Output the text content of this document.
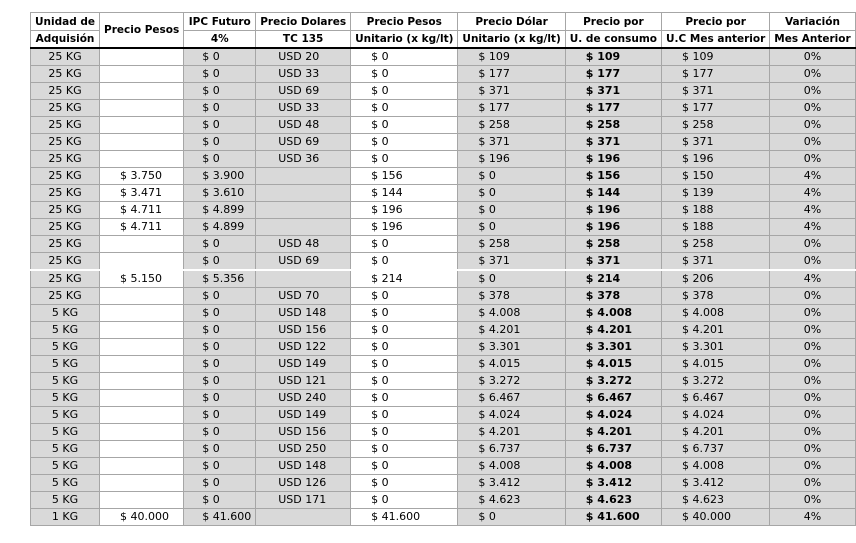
Unidad de	Precio Pesos	IPC Futuro	Precio Dolares	Precio Pesos	Precio Dólar	Precio por	Precio por	Variación
Adquisión		4%	TC 135	Unitario (x kg/lt)	Unitario (x kg/lt)	U. de consumo	U.C Mes anterior	Mes Anterior
25 KG		$ 0	USD 20	$ 0	$ 109	$ 109	$ 109	0%
25 KG		$ 0	USD 33	$ 0	$ 177	$ 177	$ 177	0%
25 KG		$ 0	USD 69	$ 0	$ 371	$ 371	$ 371	0%
25 KG		$ 0	USD 33	$ 0	$ 177	$ 177	$ 177	0%
25 KG		$ 0	USD 48	$ 0	$ 258	$ 258	$ 258	0%
25 KG		$ 0	USD 69	$ 0	$ 371	$ 371	$ 371	0%
25 KG		$ 0	USD 36	$ 0	$ 196	$ 196	$ 196	0%
25 KG	$ 3.750	$ 3.900		$ 156	$ 0	$ 156	$ 150	4%
25 KG	$ 3.471	$ 3.610		$ 144	$ 0	$ 144	$ 139	4%
25 KG	$ 4.711	$ 4.899		$ 196	$ 0	$ 196	$ 188	4%
25 KG	$ 4.711	$ 4.899		$ 196	$ 0	$ 196	$ 188	4%
25 KG		$ 0	USD 48	$ 0	$ 258	$ 258	$ 258	0%
25 KG		$ 0	USD 69	$ 0	$ 371	$ 371	$ 371	0%
25 KG	$ 5.150	$ 5.356		$ 214	$ 0	$ 214	$ 206	4%
25 KG		$ 0	USD 70	$ 0	$ 378	$ 378	$ 378	0%
5 KG		$ 0	USD 148	$ 0	$ 4.008	$ 4.008	$ 4.008	0%
5 KG		$ 0	USD 156	$ 0	$ 4.201	$ 4.201	$ 4.201	0%
5 KG		$ 0	USD 122	$ 0	$ 3.301	$ 3.301	$ 3.301	0%
5 KG		$ 0	USD 149	$ 0	$ 4.015	$ 4.015	$ 4.015	0%
5 KG		$ 0	USD 121	$ 0	$ 3.272	$ 3.272	$ 3.272	0%
5 KG		$ 0	USD 240	$ 0	$ 6.467	$ 6.467	$ 6.467	0%
5 KG		$ 0	USD 149	$ 0	$ 4.024	$ 4.024	$ 4.024	0%
5 KG		$ 0	USD 156	$ 0	$ 4.201	$ 4.201	$ 4.201	0%
5 KG		$ 0	USD 250	$ 0	$ 6.737	$ 6.737	$ 6.737	0%
5 KG		$ 0	USD 148	$ 0	$ 4.008	$ 4.008	$ 4.008	0%
5 KG		$ 0	USD 126	$ 0	$ 3.412	$ 3.412	$ 3.412	0%
5 KG		$ 0	USD 171	$ 0	$ 4.623	$ 4.623	$ 4.623	0%
1 KG	$ 40.000	$ 41.600		$ 41.600	$ 0	$ 41.600	$ 40.000	4%
